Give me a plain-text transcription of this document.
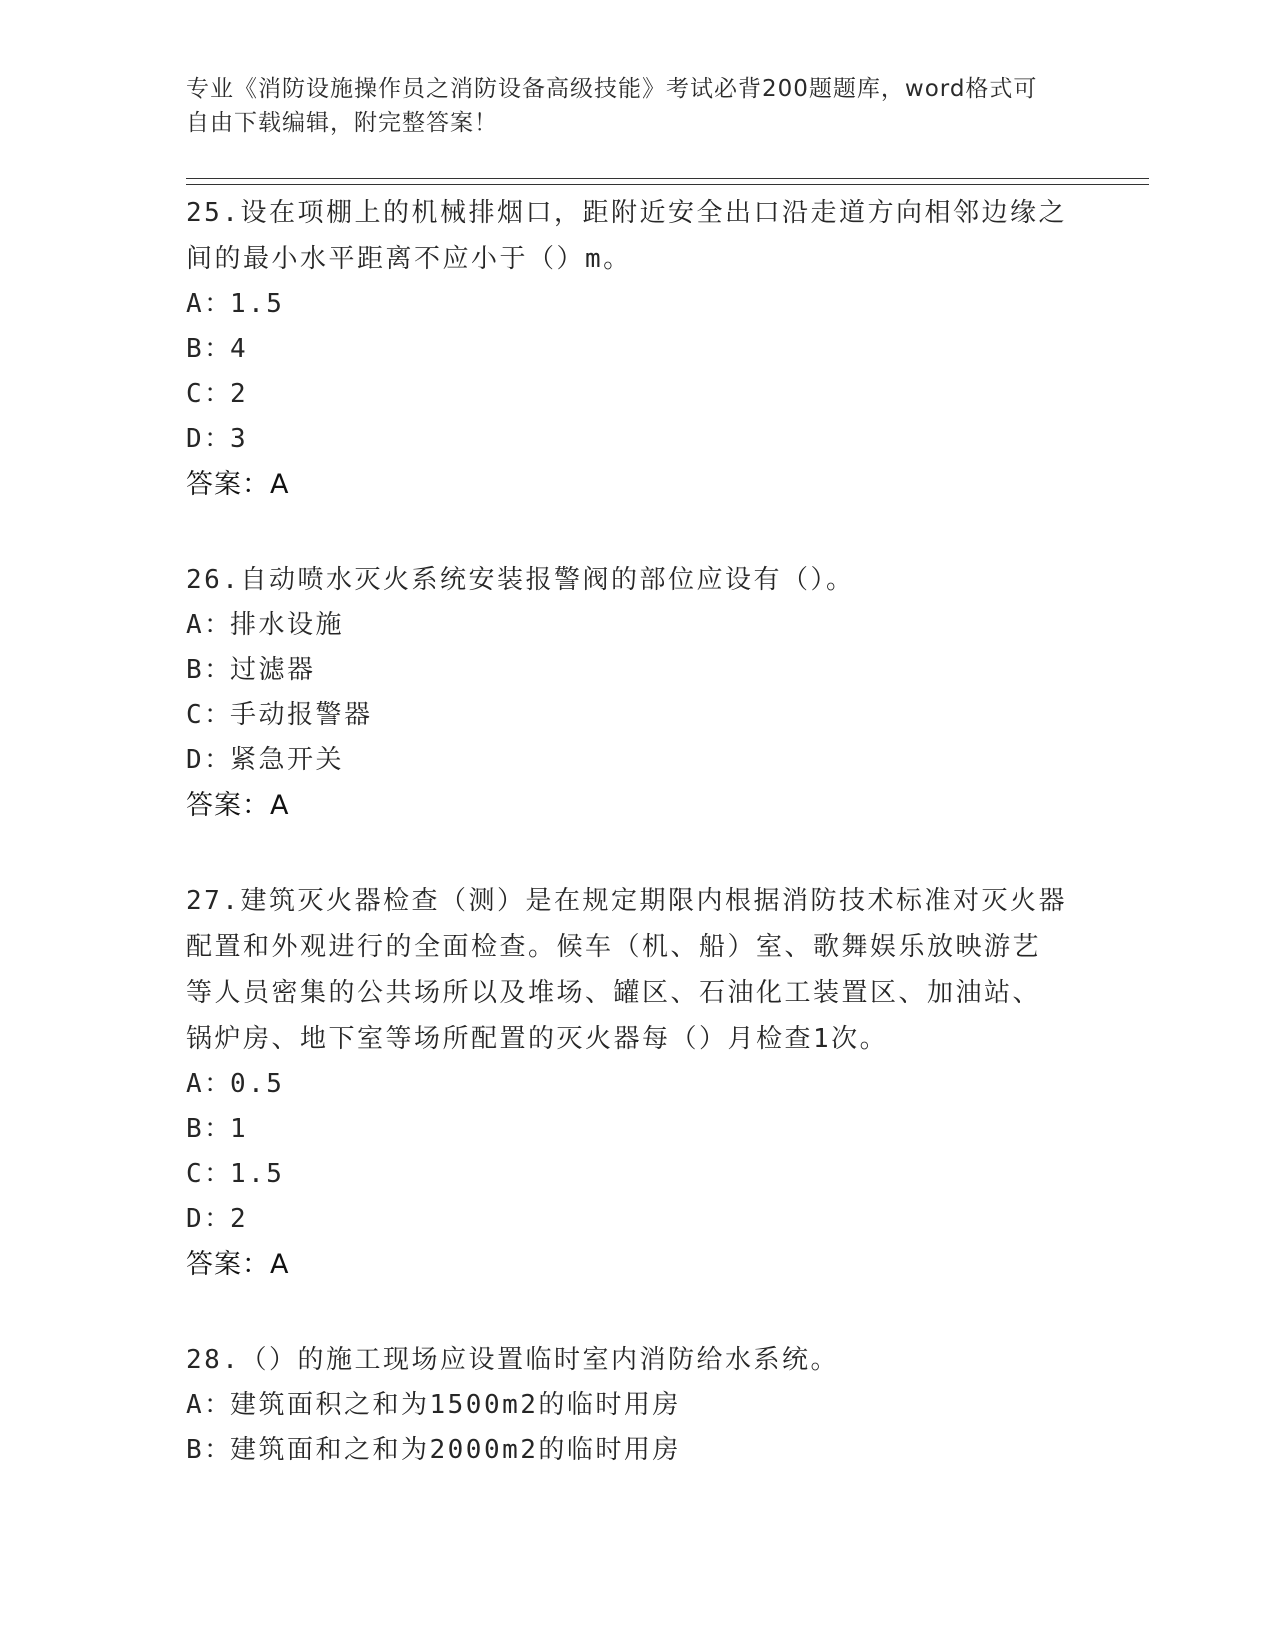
专业《消防设施操作员之消防设备高级技能》考试必背200题题库，word格式可
自由下载编辑，附完整答案！
25.设在项棚上的机械排烟口，距附近安全出口沿走道方向相邻边缘之
间的最小水平距离不应小于（）m。
A：
1.5
B：
4
C：
2
D：
3
答案：A
26.自动喷水灭火系统安装报警阀的部位应设有（）。
A：
排水设施
B：
过滤器
C：
手动报警器
D：
紧急开关
答案：A
27.建筑灭火器检查（测）是在规定期限内根据消防技术标准对灭火器
配置和外观进行的全面检查。候车（机、船）室、歌舞娱乐放映游艺
等人员密集的公共场所以及堆场、罐区、石油化工装置区、加油站、
锅炉房、地下室等场所配置的灭火器每（）月检查1次。
A：
0.5
B：
1
C：
1.5
D：
2
答案：A
28.（）的施工现场应设置临时室内消防给水系统。
A：
建筑面积之和为1500m2的临时用房
B：
建筑面和之和为2000m2的临时用房
